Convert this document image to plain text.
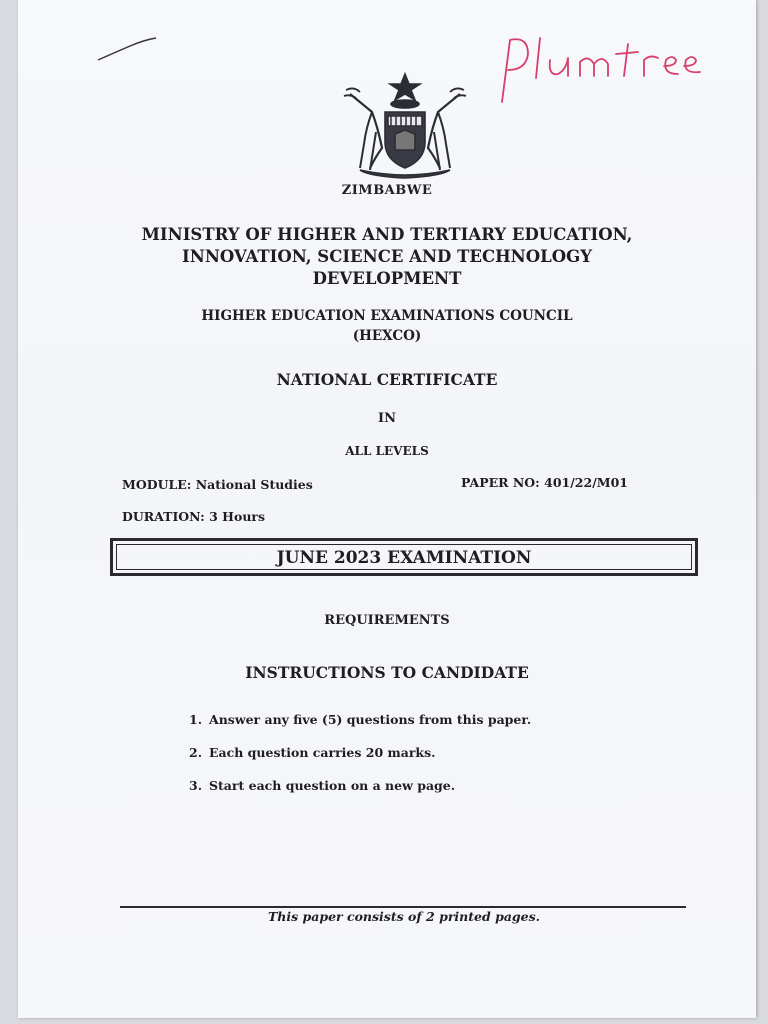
ZIMBABWE
MINISTRY OF HIGHER AND TERTIARY EDUCATION,
INNOVATION, SCIENCE AND TECHNOLOGY
DEVELOPMENT
HIGHER EDUCATION EXAMINATIONS COUNCIL
(HEXCO)
NATIONAL CERTIFICATE
IN
ALL LEVELS
MODULE: National Studies	PAPER NO: 401/22/M01
DURATION: 3 Hours
JUNE 2023 EXAMINATION
REQUIREMENTS
INSTRUCTIONS TO CANDIDATE
1. Answer any five (5) questions from this paper.
2. Each question carries 20 marks.
3. Start each question on a new page.
This paper consists of 2 printed pages.
